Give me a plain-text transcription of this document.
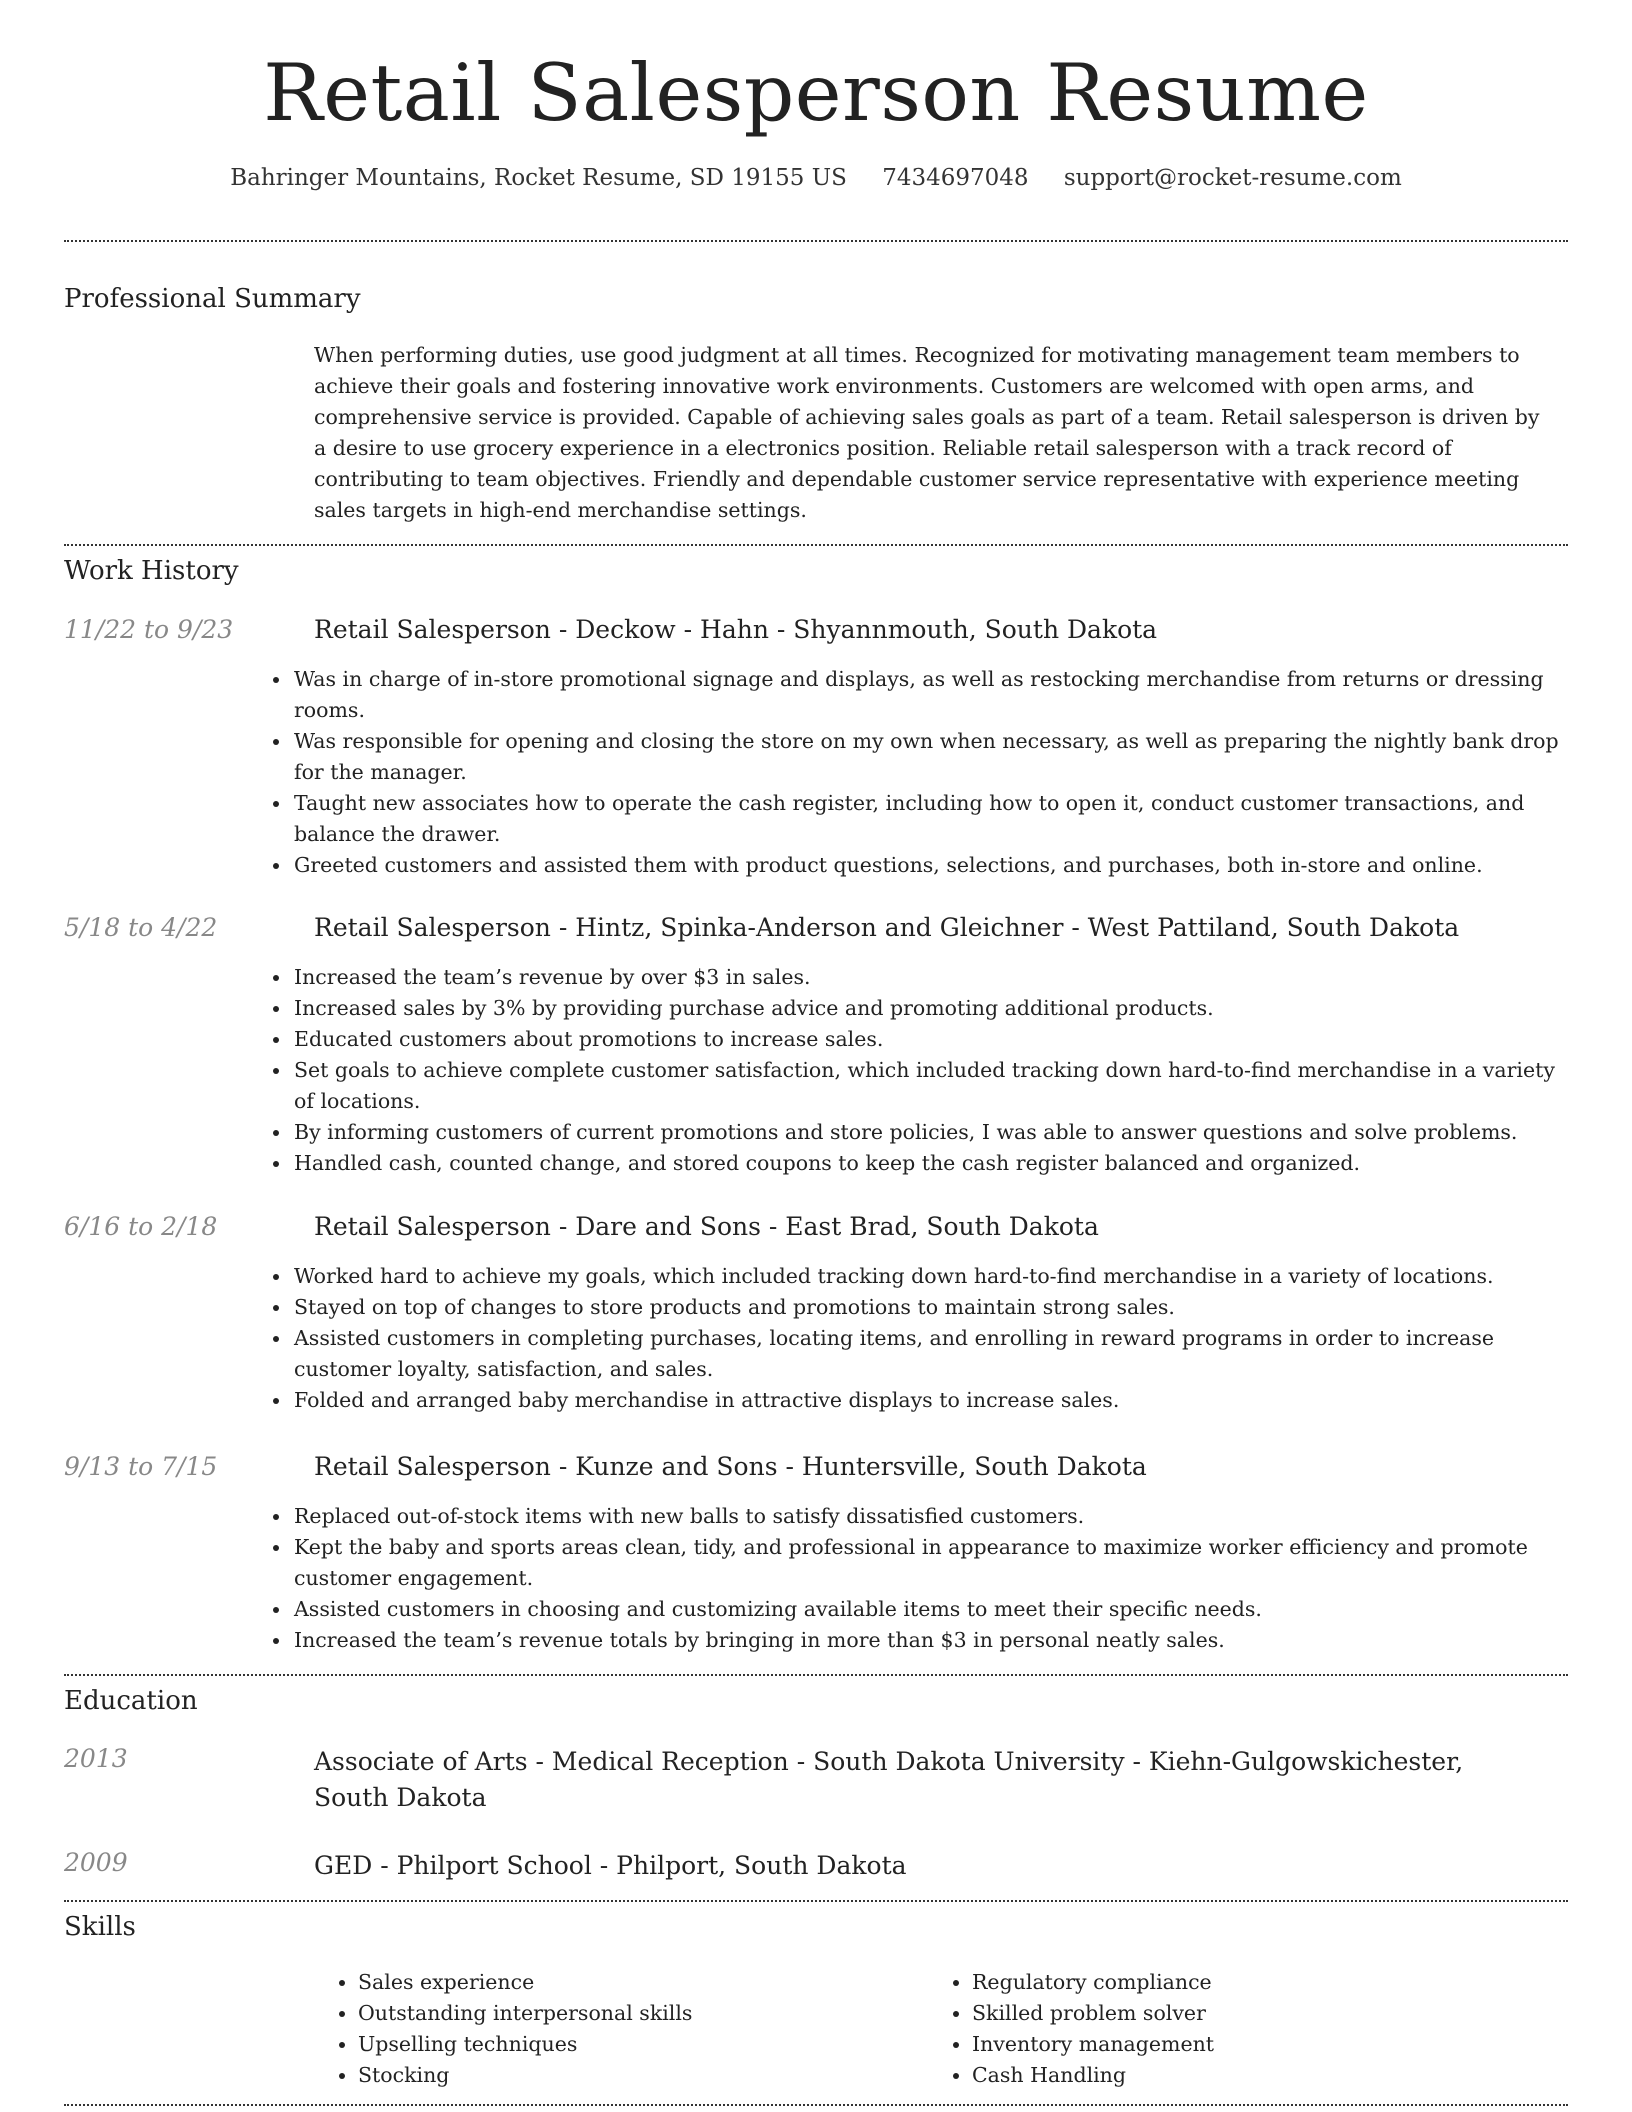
Retail Salesperson Resume
Bahringer Mountains, Rocket Resume, SD 19155 US 7434697048 support@rocket-resume.com
Professional Summary
When performing duties, use good judgment at all times. Recognized for motivating management team members to achieve their goals and fostering innovative work environments. Customers are welcomed with open arms, and comprehensive service is provided. Capable of achieving sales goals as part of a team. Retail salesperson is driven by a desire to use grocery experience in a electronics position. Reliable retail salesperson with a track record of contributing to team objectives. Friendly and dependable customer service representative with experience meeting sales targets in high-end merchandise settings.
Work History
11/22 to 9/23	Retail Salesperson - Deckow - Hahn - Shyannmouth, South Dakota
• Was in charge of in-store promotional signage and displays, as well as restocking merchandise from returns or dressing rooms.
• Was responsible for opening and closing the store on my own when necessary, as well as preparing the nightly bank drop for the manager.
• Taught new associates how to operate the cash register, including how to open it, conduct customer transactions, and balance the drawer.
• Greeted customers and assisted them with product questions, selections, and purchases, both in-store and online.
5/18 to 4/22	Retail Salesperson - Hintz, Spinka-Anderson and Gleichner - West Pattiland, South Dakota
• Increased the team’s revenue by over $3 in sales.
• Increased sales by 3% by providing purchase advice and promoting additional products.
• Educated customers about promotions to increase sales.
• Set goals to achieve complete customer satisfaction, which included tracking down hard-to-find merchandise in a variety of locations.
• By informing customers of current promotions and store policies, I was able to answer questions and solve problems.
• Handled cash, counted change, and stored coupons to keep the cash register balanced and organized.
6/16 to 2/18	Retail Salesperson - Dare and Sons - East Brad, South Dakota
• Worked hard to achieve my goals, which included tracking down hard-to-find merchandise in a variety of locations.
• Stayed on top of changes to store products and promotions to maintain strong sales.
• Assisted customers in completing purchases, locating items, and enrolling in reward programs in order to increase customer loyalty, satisfaction, and sales.
• Folded and arranged baby merchandise in attractive displays to increase sales.
9/13 to 7/15	Retail Salesperson - Kunze and Sons - Huntersville, South Dakota
• Replaced out-of-stock items with new balls to satisfy dissatisfied customers.
• Kept the baby and sports areas clean, tidy, and professional in appearance to maximize worker efficiency and promote customer engagement.
• Assisted customers in choosing and customizing available items to meet their specific needs.
• Increased the team’s revenue totals by bringing in more than $3 in personal neatly sales.
Education
2013	Associate of Arts - Medical Reception - South Dakota University - Kiehn-Gulgowskichester, South Dakota
2009	GED - Philport School - Philport, South Dakota
Skills
• Sales experience
• Outstanding interpersonal skills
• Upselling techniques
• Stocking
• Regulatory compliance
• Skilled problem solver
• Inventory management
• Cash Handling
